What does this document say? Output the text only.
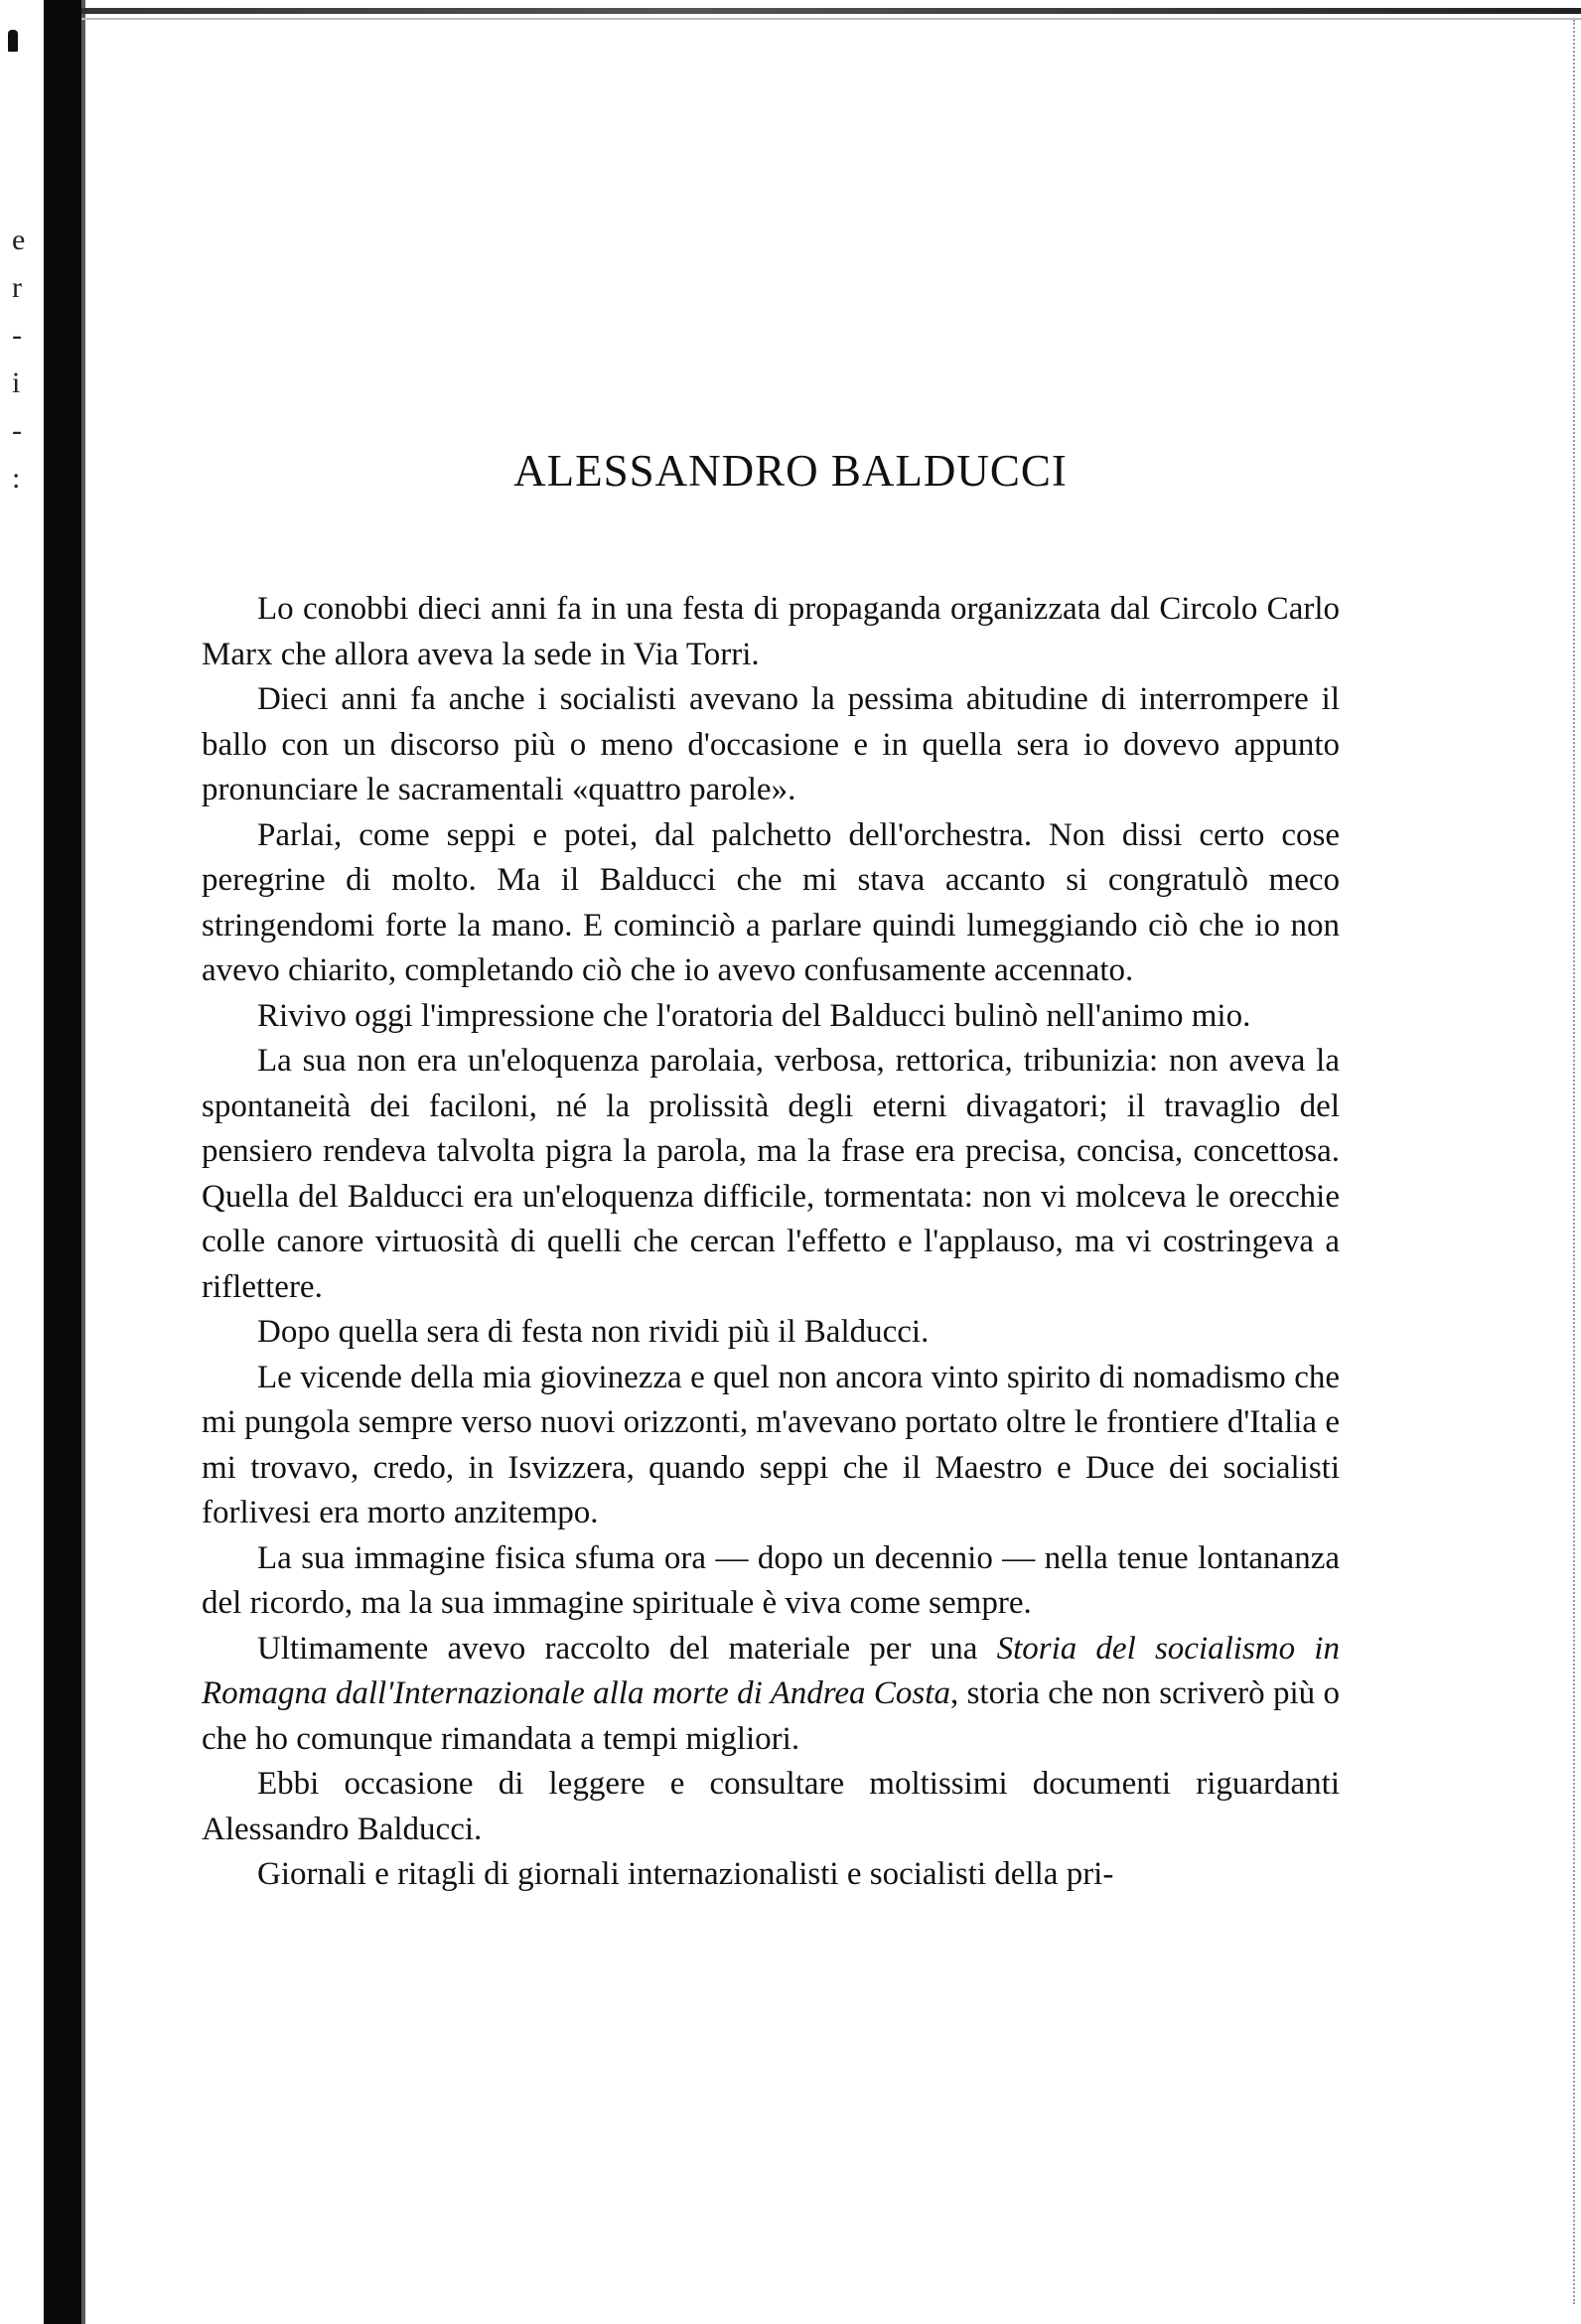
e
r
-
i
-
:	ALESSANDRO BALDUCCI

Lo conobbi dieci anni fa in una festa di propaganda organizzata dal Circolo Carlo Marx che allora aveva la sede in Via Torri.

Dieci anni fa anche i socialisti avevano la pessima abitudine di interrompere il ballo con un discorso più o meno d'occasione e in quella sera io dovevo appunto pronunciare le sacramentali «quattro parole».

Parlai, come seppi e potei, dal palchetto dell'orchestra. Non dissi certo cose peregrine di molto. Ma il Balducci che mi stava accanto si congratulò meco stringendomi forte la mano. E cominciò a parlare quindi lumeggiando ciò che io non avevo chiarito, completando ciò che io avevo confusamente accennato.

Rivivo oggi l'impressione che l'oratoria del Balducci bulinò nell'animo mio.

La sua non era un'eloquenza parolaia, verbosa, rettorica, tribunizia: non aveva la spontaneità dei faciloni, né la prolissità degli eterni divagatori; il travaglio del pensiero rendeva talvolta pigra la parola, ma la frase era precisa, concisa, concettosa. Quella del Balducci era un'eloquenza difficile, tormentata: non vi molceva le orecchie colle canore virtuosità di quelli che cercan l'effetto e l'applauso, ma vi costringeva a riflettere.

Dopo quella sera di festa non rividi più il Balducci.

Le vicende della mia giovinezza e quel non ancora vinto spirito di nomadismo che mi pungola sempre verso nuovi orizzonti, m'avevano portato oltre le frontiere d'Italia e mi trovavo, credo, in Isvizzera, quando seppi che il Maestro e Duce dei socialisti forlivesi era morto anzitempo.

La sua immagine fisica sfuma ora — dopo un decennio — nella tenue lontananza del ricordo, ma la sua immagine spirituale è viva come sempre.

Ultimamente avevo raccolto del materiale per una Storia del socialismo in Romagna dall'Internazionale alla morte di Andrea Costa, storia che non scriverò più o che ho comunque rimandata a tempi migliori.

Ebbi occasione di leggere e consultare moltissimi documenti riguardanti Alessandro Balducci.

Giornali e ritagli di giornali internazionalisti e socialisti della pri-
